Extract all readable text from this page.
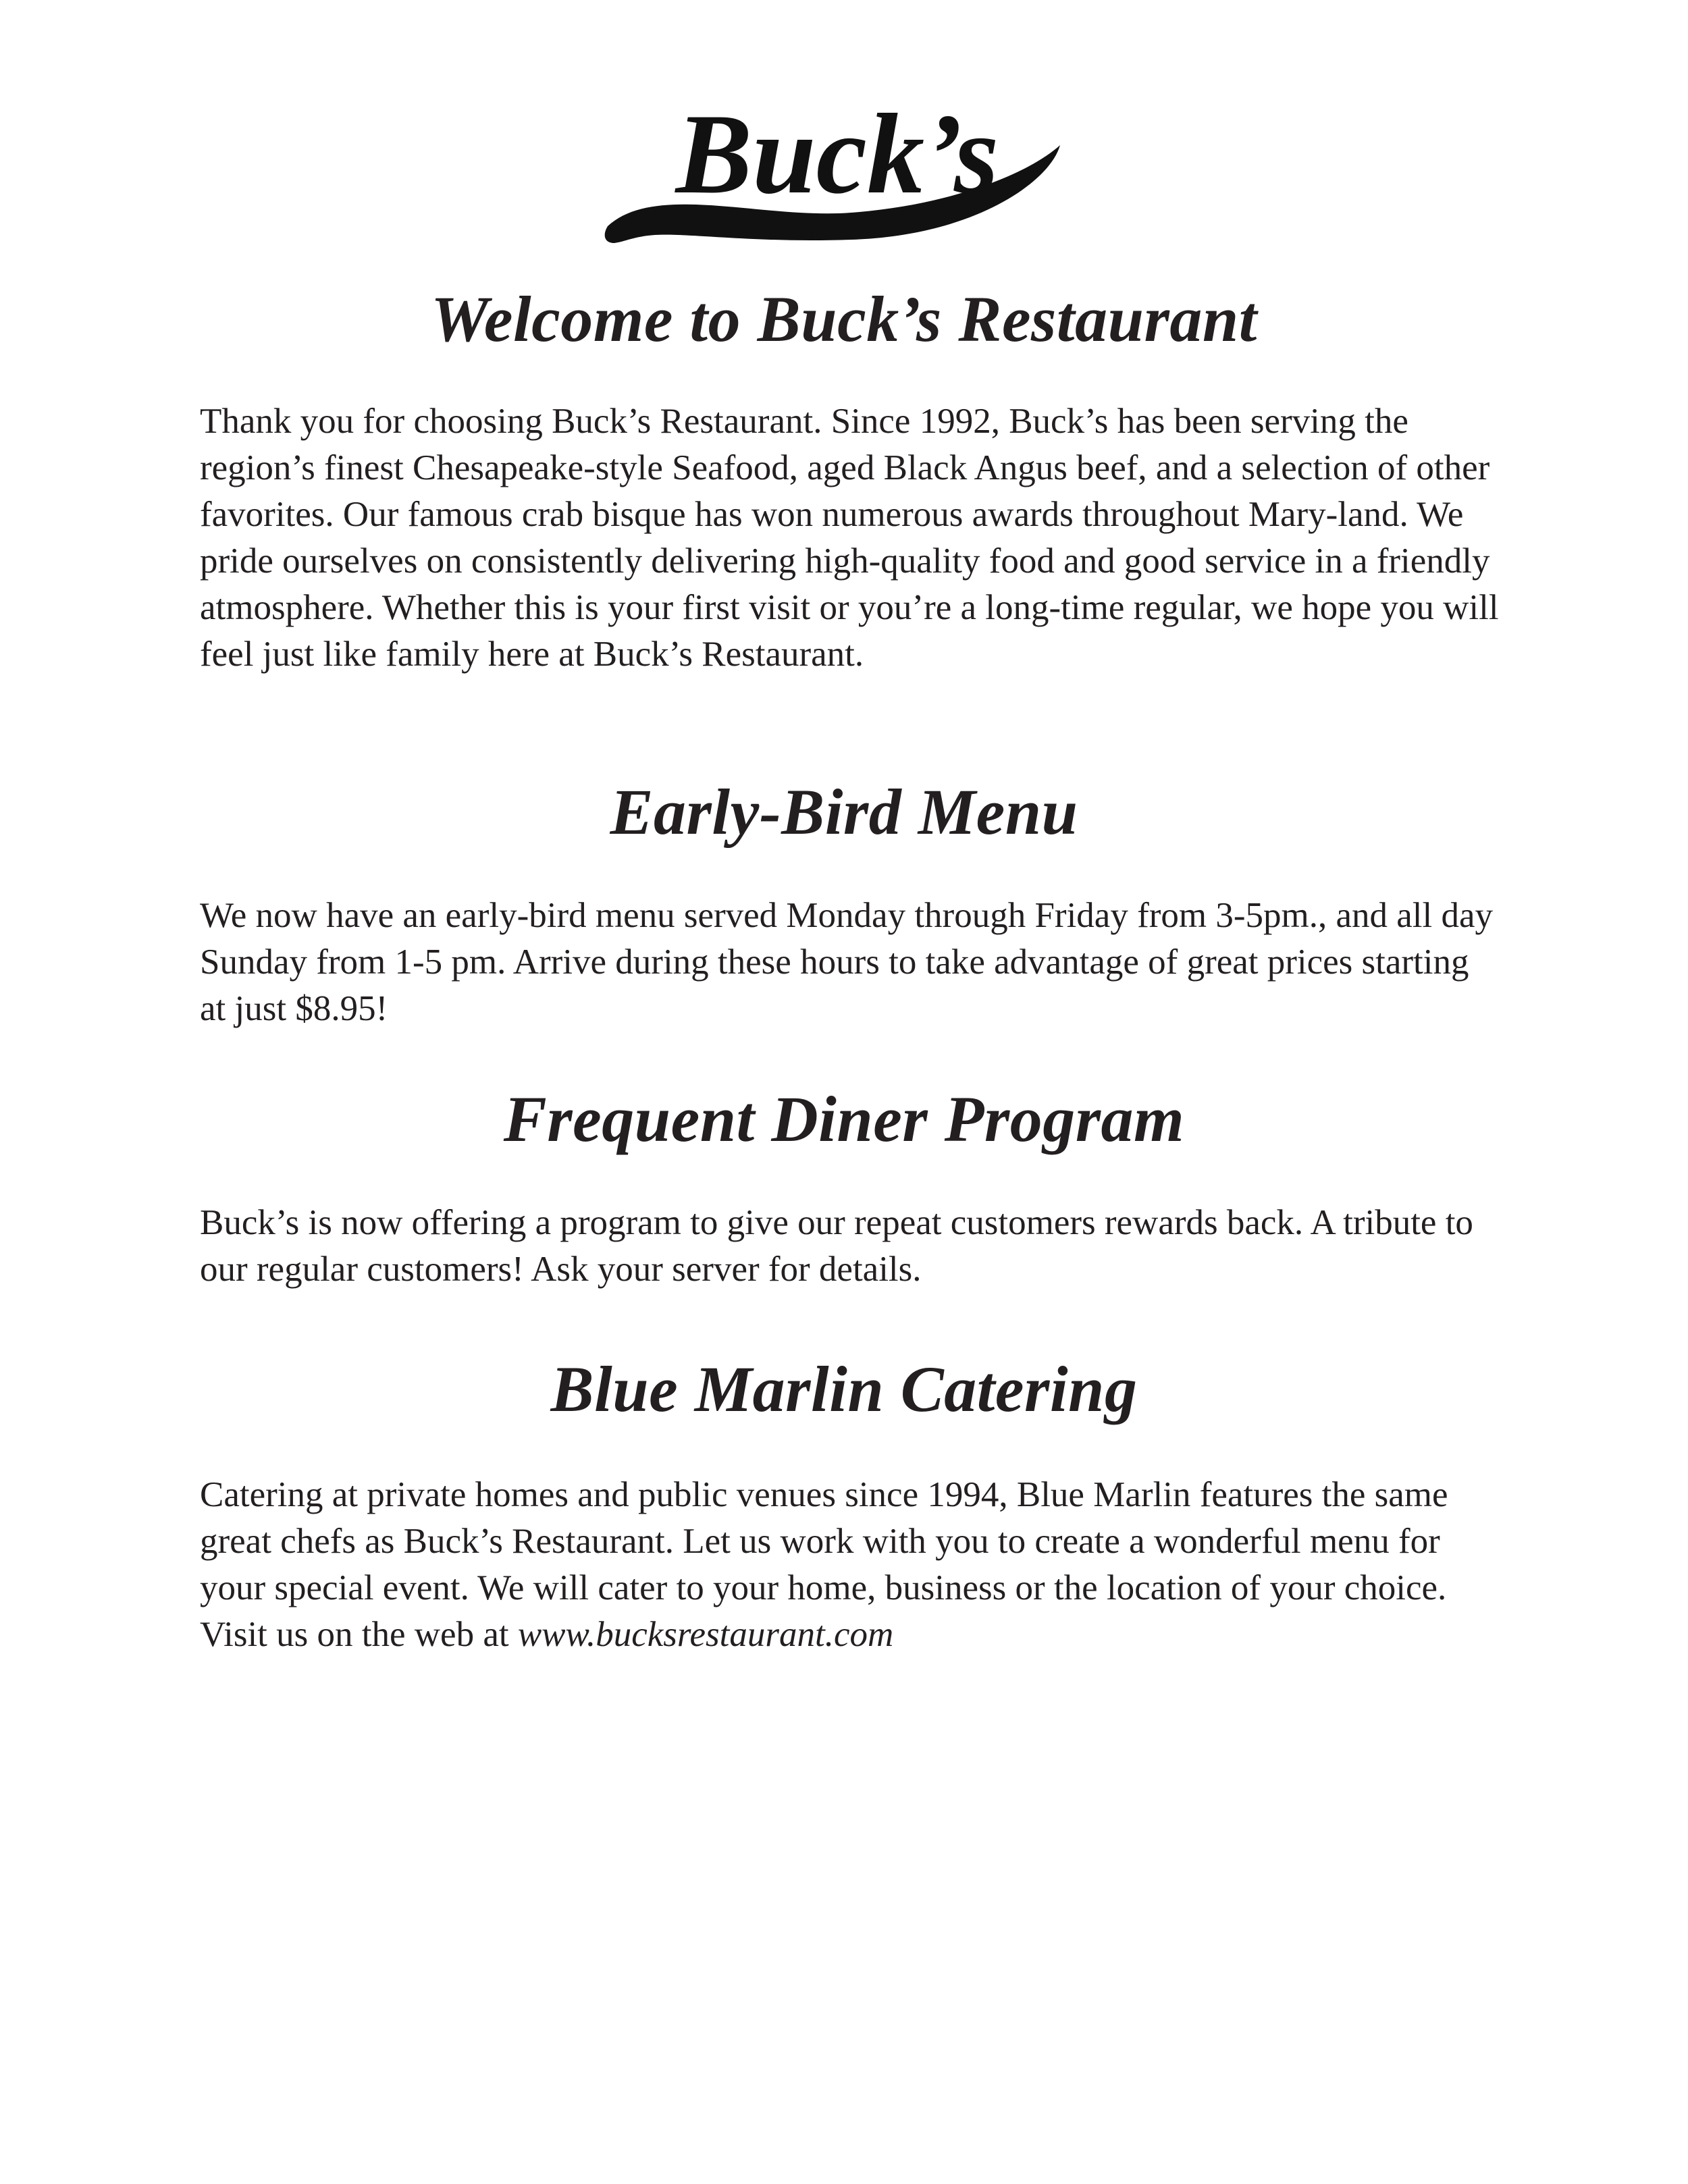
Buck’s
Welcome to Buck’s Restaurant

Thank you for choosing Buck’s Restaurant. Since 1992, Buck’s has been serving the region’s finest Chesapeake-style Seafood, aged Black Angus beef, and a selection of other favorites. Our famous crab bisque has won numerous awards throughout Mary-land. We pride ourselves on consistently delivering high-quality food and good service in a friendly atmosphere. Whether this is your first visit or you’re a long-time regular, we hope you will feel just like family here at Buck’s Restaurant.

Early-Bird Menu

We now have an early-bird menu served Monday through Friday from 3-5pm., and all day Sunday from 1-5 pm. Arrive during these hours to take advantage of great prices starting at just $8.95!

Frequent Diner Program

Buck’s is now offering a program to give our repeat customers rewards back. A tribute to our regular customers! Ask your server for details.

Blue Marlin Catering

Catering at private homes and public venues since 1994, Blue Marlin features the same great chefs as Buck’s Restaurant. Let us work with you to create a wonderful menu for your special event. We will cater to your home, business or the location of your choice. Visit us on the web at www.bucksrestaurant.com
